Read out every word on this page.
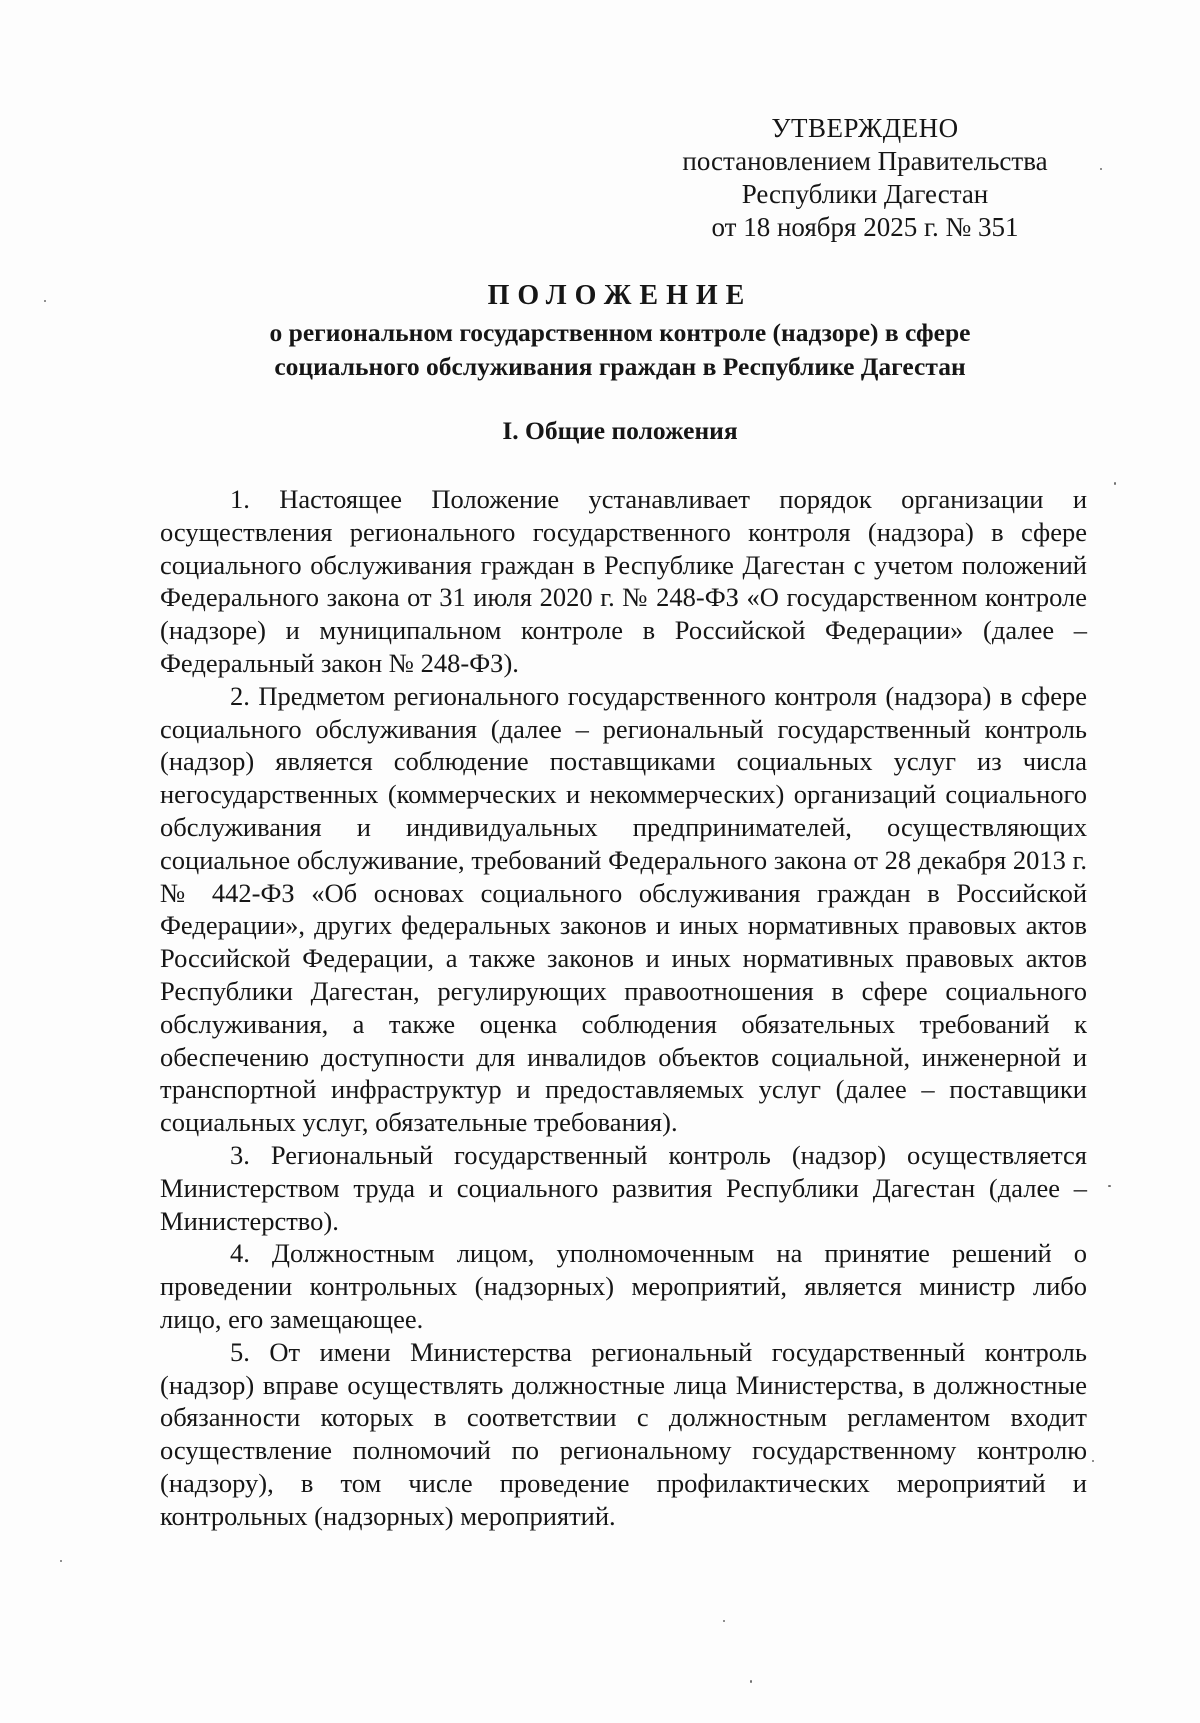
УТВЕРЖДЕНО
постановлением Правительства
Республики Дагестан
от 18 ноября 2025 г. № 351
ПОЛОЖЕНИЕ
о региональном государственном контроле (надзоре) в сфере
социального обслуживания граждан в Республике Дагестан
I. Общие положения

1. Настоящее Положение устанавливает порядок организации и осуществления регионального государственного контроля (надзора) в сфере социального обслуживания граждан в Республике Дагестан с учетом положений Федерального закона от 31 июля 2020 г. № 248-ФЗ «О государственном контроле (надзоре) и муниципальном контроле в Российской Федерации» (далее – Федеральный закон № 248-ФЗ).

2. Предметом регионального государственного контроля (надзора) в сфере социального обслуживания (далее – региональный государственный контроль (надзор) является соблюдение поставщиками социальных услуг из числа негосударственных (коммерческих и некоммерческих) организаций социального обслуживания и индивидуальных предпринимателей, осуществляющих социальное обслуживание, требований Федерального закона от 28 декабря 2013 г. № 442-ФЗ «Об основах социального обслуживания граждан в Российской Федерации», других федеральных законов и иных нормативных правовых актов Российской Федерации, а также законов и иных нормативных правовых актов Республики Дагестан, регулирующих правоотношения в сфере социального обслуживания, а также оценка соблюдения обязательных требований к обеспечению доступности для инвалидов объектов социальной, инженерной и транспортной инфраструктур и предоставляемых услуг (далее – поставщики социальных услуг, обязательные требования).

3. Региональный государственный контроль (надзор) осуществляется Министерством труда и социального развития Республики Дагестан (далее – Министерство).

4. Должностным лицом, уполномоченным на принятие решений о проведении контрольных (надзорных) мероприятий, является министр либо лицо, его замещающее.

5. От имени Министерства региональный государственный контроль (надзор) вправе осуществлять должностные лица Министерства, в должностные обязанности которых в соответствии с должностным регламентом входит осуществление полномочий по региональному государственному контролю (надзору), в том числе проведение профилактических мероприятий и контрольных (надзорных) мероприятий.
